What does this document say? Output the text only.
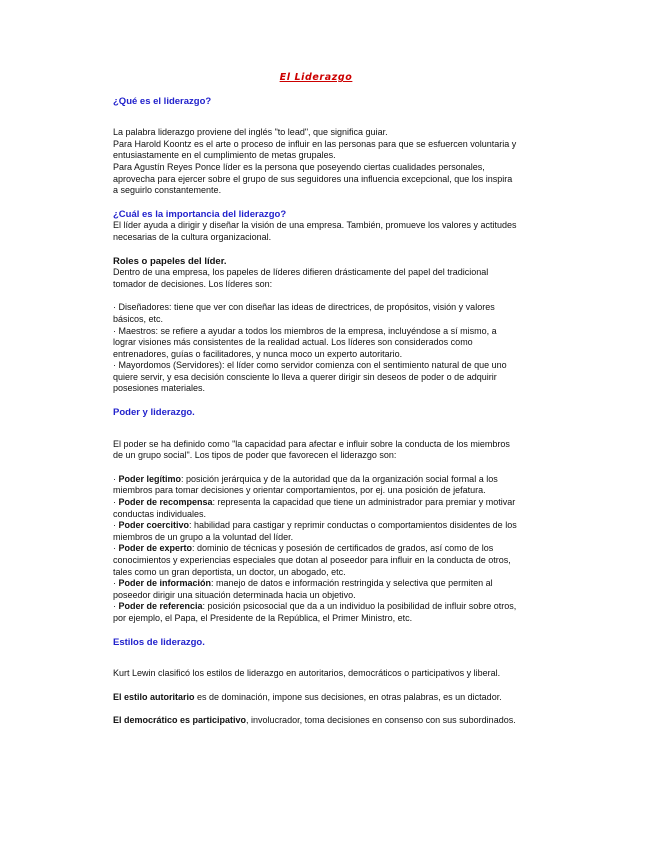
El Liderazgo
¿Qué es el liderazgo?

La palabra liderazgo proviene del inglés "to lead", que significa guiar.

Para Harold Koontz es el arte o proceso de influir en las personas para que se esfuercen voluntaria y entusiastamente en el cumplimiento de metas grupales.

Para Agustín Reyes Ponce líder es la persona que poseyendo ciertas cualidades personales, aprovecha para ejercer sobre el grupo de sus seguidores una influencia excepcional, que los inspira a seguirlo constantemente.

¿Cuál es la importancia del liderazgo?

El líder ayuda a dirigir y diseñar la visión de una empresa. También, promueve los valores y actitudes necesarias de la cultura organizacional.

Roles o papeles del líder.

Dentro de una empresa, los papeles de líderes difieren drásticamente del papel del tradicional tomador de decisiones. Los líderes son:

· Diseñadores: tiene que ver con diseñar las ideas de directrices, de propósitos, visión y valores básicos, etc.

· Maestros: se refiere a ayudar a todos los miembros de la empresa, incluyéndose a sí mismo, a lograr visiones más consistentes de la realidad actual. Los líderes son considerados como entrenadores, guías o facilitadores, y nunca moco un experto autoritario.

· Mayordomos (Servidores): el líder como servidor comienza con el sentimiento natural de que uno quiere servir, y esa decisión consciente lo lleva a querer dirigir sin deseos de poder o de adquirir posesiones materiales.

Poder y liderazgo.

El poder se ha definido como "la capacidad para afectar e influir sobre la conducta de los miembros de un grupo social". Los tipos de poder que favorecen el liderazgo son:

· Poder legítimo: posición jerárquica y de la autoridad que da la organización social formal a los miembros para tomar decisiones y orientar comportamientos, por ej. una posición de jefatura.

· Poder de recompensa: representa la capacidad que tiene un administrador para premiar y motivar conductas individuales.

· Poder coercitivo: habilidad para castigar y reprimir conductas o comportamientos disidentes de los miembros de un grupo a la voluntad del líder.

· Poder de experto: dominio de técnicas y posesión de certificados de grados, así como de los conocimientos y experiencias especiales que dotan al poseedor para influir en la conducta de otros, tales como un gran deportista, un doctor, un abogado, etc.

· Poder de información: manejo de datos e información restringida y selectiva que permiten al poseedor dirigir una situación determinada hacia un objetivo.

· Poder de referencia: posición psicosocial que da a un individuo la posibilidad de influir sobre otros, por ejemplo, el Papa, el Presidente de la República, el Primer Ministro, etc.

Estilos de liderazgo.

Kurt Lewin clasificó los estilos de liderazgo en autoritarios, democráticos o participativos y liberal.

El estilo autoritario es de dominación, impone sus decisiones, en otras palabras, es un dictador.

El democrático es participativo, involucrador, toma decisiones en consenso con sus subordinados.
